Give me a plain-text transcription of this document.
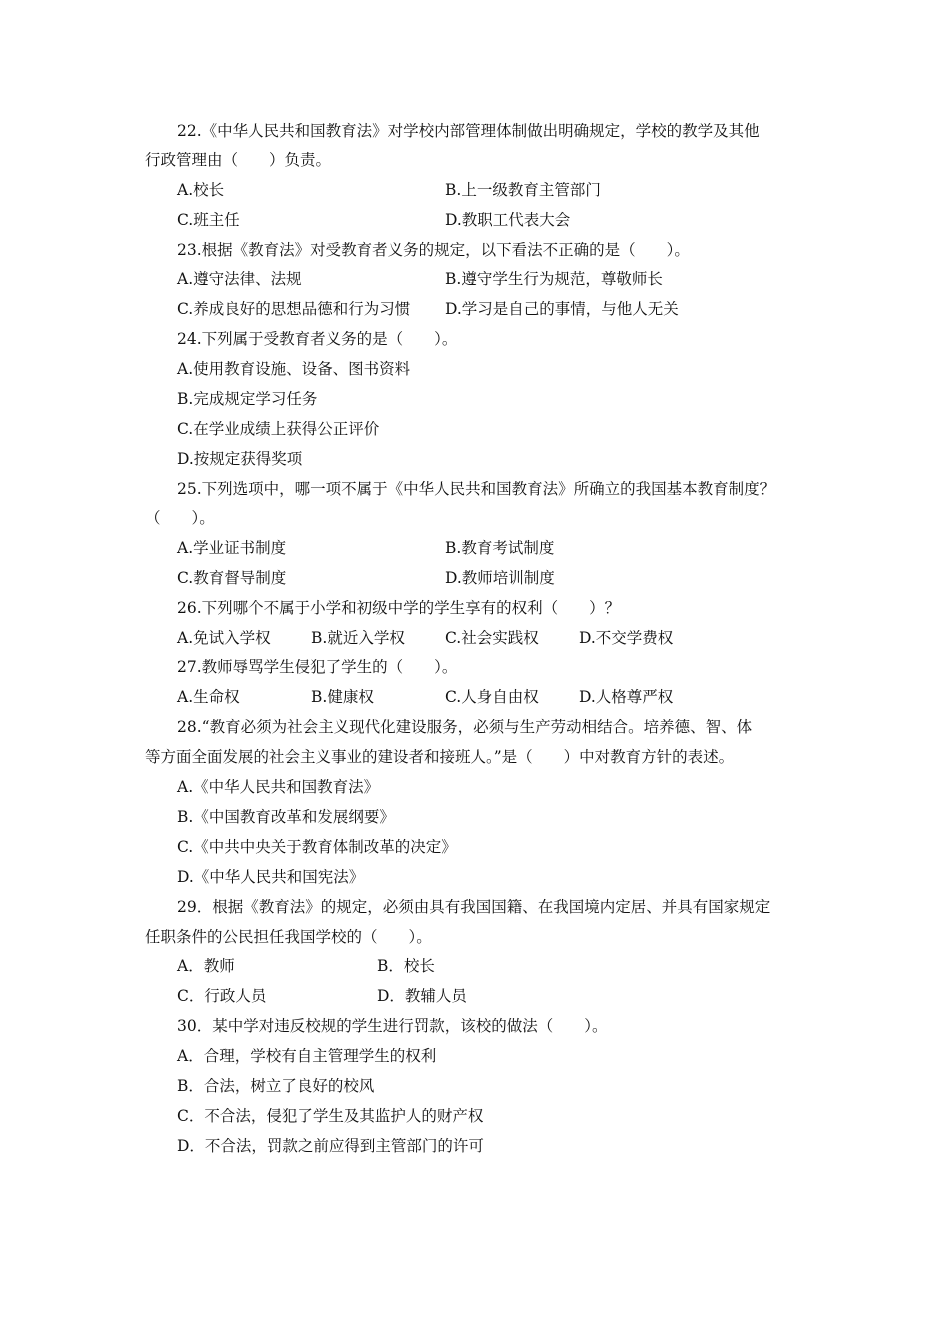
22.《中华人民共和国教育法》对学校内部管理体制做出明确规定，学校的教学及其他
行政管理由（　　）负责。
A.校长	B.上一级教育主管部门
C.班主任	D.教职工代表大会
23.根据《教育法》对受教育者义务的规定，以下看法不正确的是（　　）。
A.遵守法律、法规	B.遵守学生行为规范，尊敬师长
C.养成良好的思想品德和行为习惯 D.学习是自己的事情，与他人无关
24.下列属于受教育者义务的是（　　）。
A.使用教育设施、设备、图书资料
B.完成规定学习任务
C.在学业成绩上获得公正评价
D.按规定获得奖项
25.下列选项中，哪一项不属于《中华人民共和国教育法》所确立的我国基本教育制度？
（　　）。
A.学业证书制度	B.教育考试制度
C.教育督导制度	D.教师培训制度
26.下列哪个不属于小学和初级中学的学生享有的权利（　　）？
A.免试入学权	B.就近入学权	C.社会实践权	D.不交学费权
27.教师辱骂学生侵犯了学生的（　　）。
A.生命权	B.健康权	C.人身自由权	D.人格尊严权
28.“教育必须为社会主义现代化建设服务，必须与生产劳动相结合。培养德、智、体
等方面全面发展的社会主义事业的建设者和接班人。”是（　　）中对教育方针的表述。
A.《中华人民共和国教育法》
B.《中国教育改革和发展纲要》
C.《中共中央关于教育体制改革的决定》
D.《中华人民共和国宪法》
29．根据《教育法》的规定，必须由具有我国国籍、在我国境内定居、并具有国家规定
任职条件的公民担任我国学校的（　　）。
A．教师	B．校长
C．行政人员	D．教辅人员
30．某中学对违反校规的学生进行罚款，该校的做法（　　）。
A．合理，学校有自主管理学生的权利
B．合法，树立了良好的校风
C．不合法，侵犯了学生及其监护人的财产权
D．不合法，罚款之前应得到主管部门的许可
